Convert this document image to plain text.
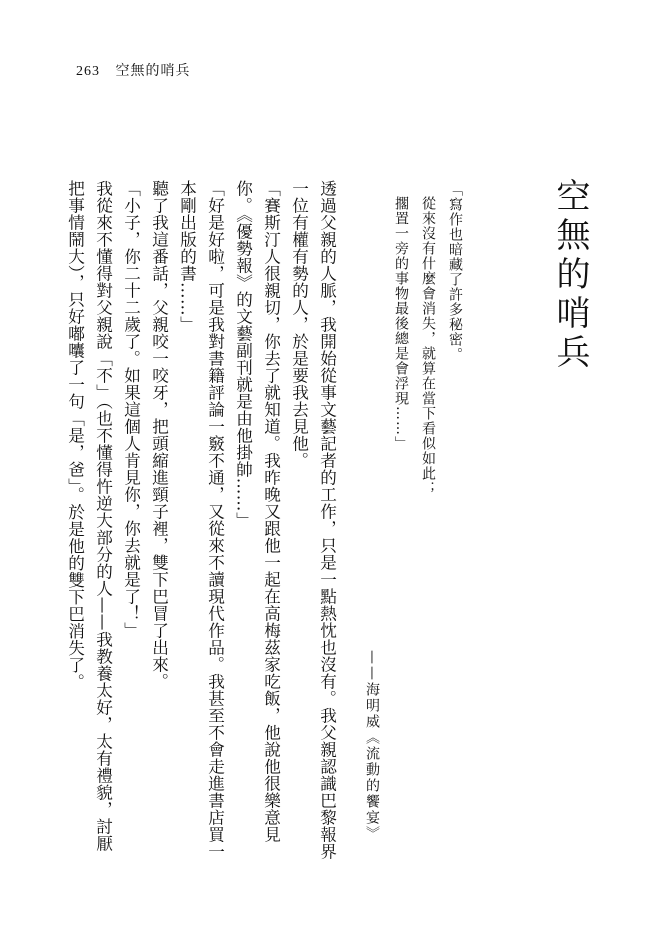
263 空無的哨兵
空無的哨兵
「寫作也暗藏了許多秘密。
從來沒有什麼會消失，就算在當下看似如此；
擱置一旁的事物最後總是會浮現……」
——海明威《流動的饗宴》
透過父親的人脈，我開始從事文藝記者的工作，只是一點熱忱也沒有。我父親認識巴黎報界
一位有權有勢的人，於是要我去見他。
「賽斯汀人很親切，你去了就知道。我昨晚又跟他一起在高梅茲家吃飯，他說他很樂意見
你。《優勢報》的文藝副刊就是由他掛帥……」
「好是好啦，可是我對書籍評論一竅不通，又從來不讀現代作品。我甚至不會走進書店買一
本剛出版的書……」
聽了我這番話，父親咬一咬牙，把頭縮進頸子裡，雙下巴冒了出來。
「小子，你二十二歲了。如果這個人肯見你，你去就是了！」
我從來不懂得對父親說「不」（也不懂得忤逆大部分的人——我教養太好，太有禮貌，討厭
把事情鬧大），只好嘟囔了一句「是，爸」。於是他的雙下巴消失了。
